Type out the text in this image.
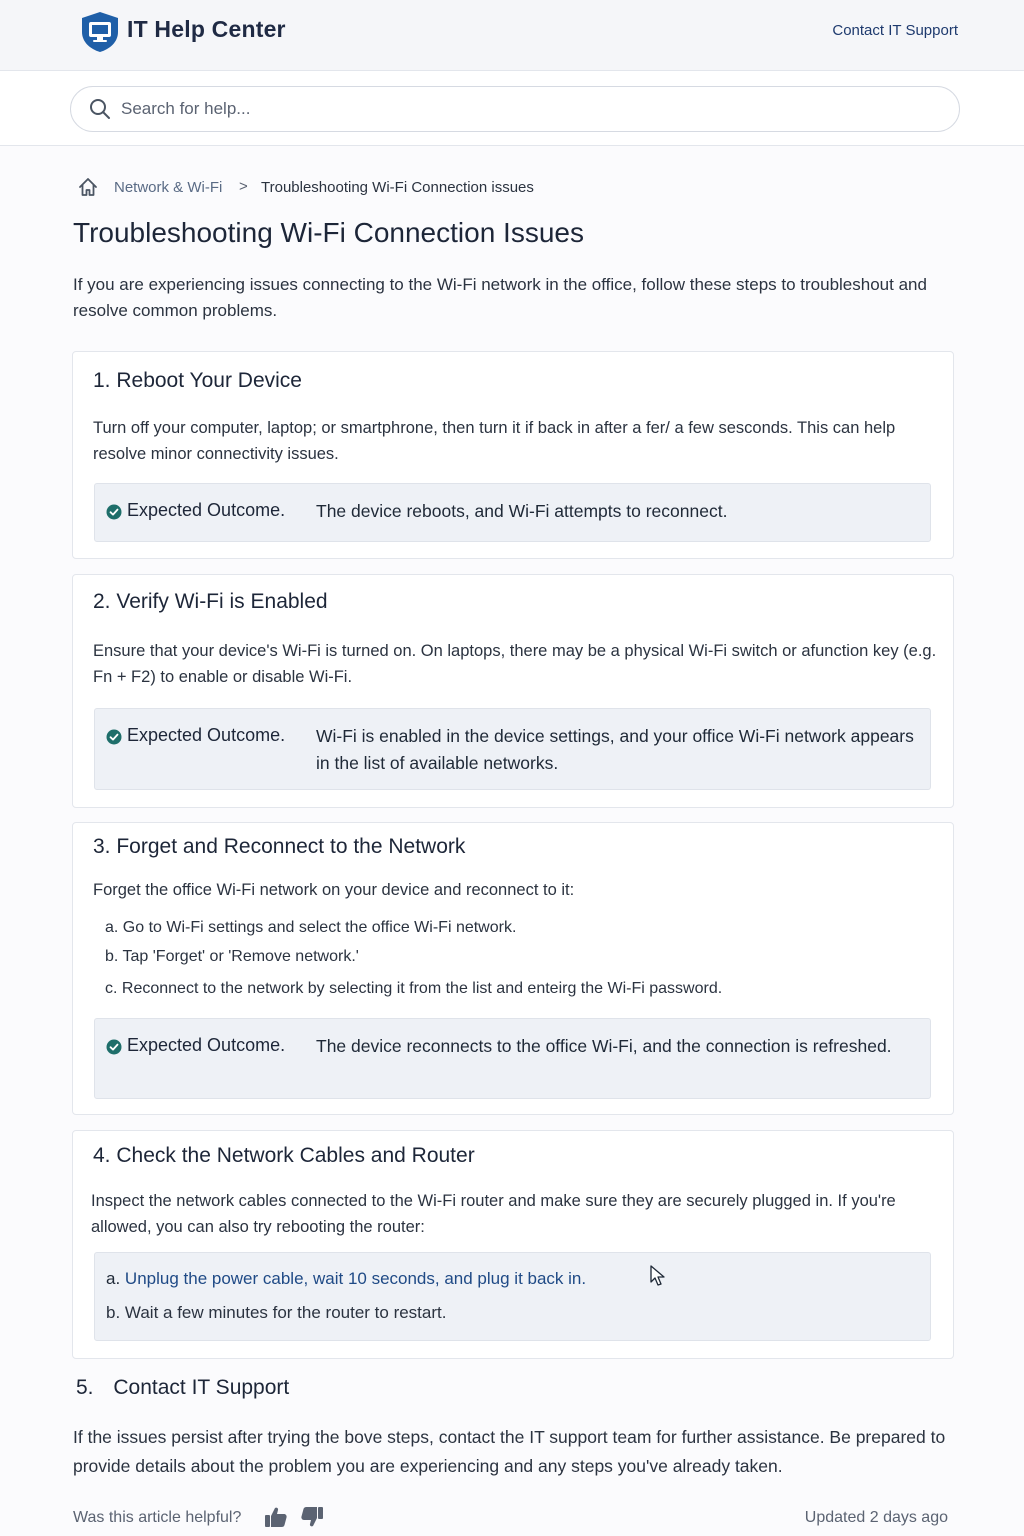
IT Help Center	Contact IT Support
Search for help...
Network & Wi-Fi > Troubleshooting Wi-Fi Connection issues
Troubleshooting Wi-Fi Connection Issues

If you are experiencing issues connecting to the Wi-Fi network in the office, follow these steps to troubleshout and resolve common problems.

1. Reboot Your Device

Turn off your computer, laptop; or smartphrone, then turn it if back in after a fer/ a few sesconds. This can help resolve minor connectivity issues.

Expected Outcome. The device reboots, and Wi-Fi attempts to reconnect.
2. Verify Wi-Fi is Enabled

Ensure that your device's Wi-Fi is turned on. On laptops, there may be a physical Wi-Fi switch or afunction key (e.g. Fn + F2) to enable or disable Wi-Fi.

Expected Outcome. Wi-Fi is enabled in the device settings, and your office Wi-Fi network appears in the list of available networks.
3. Forget and Reconnect to the Network

Forget the office Wi-Fi network on your device and reconnect to it:

a. Go to Wi-Fi settings and select the office Wi-Fi network.
b. Tap 'Forget' or 'Remove network.'
c. Reconnect to the network by selecting it from the list and enteirg the Wi-Fi password.
Expected Outcome.	The device reconnects to the office Wi-Fi, and the connection is refreshed.
4. Check the Network Cables and Router

Inspect the network cables connected to the Wi-Fi router and make sure they are securely plugged in. If you're allowed, you can also try rebooting the router:

a. Unplug the power cable, wait 10 seconds, and plug it back in.
b. Wait a few minutes for the router to restart.
5. Contact IT Support

If the issues persist after trying the bove steps, contact the IT support team for further assistance. Be prepared to provide details about the problem you are experiencing and any steps you've already taken.

Was this article helpful?	Updated 2 days ago
